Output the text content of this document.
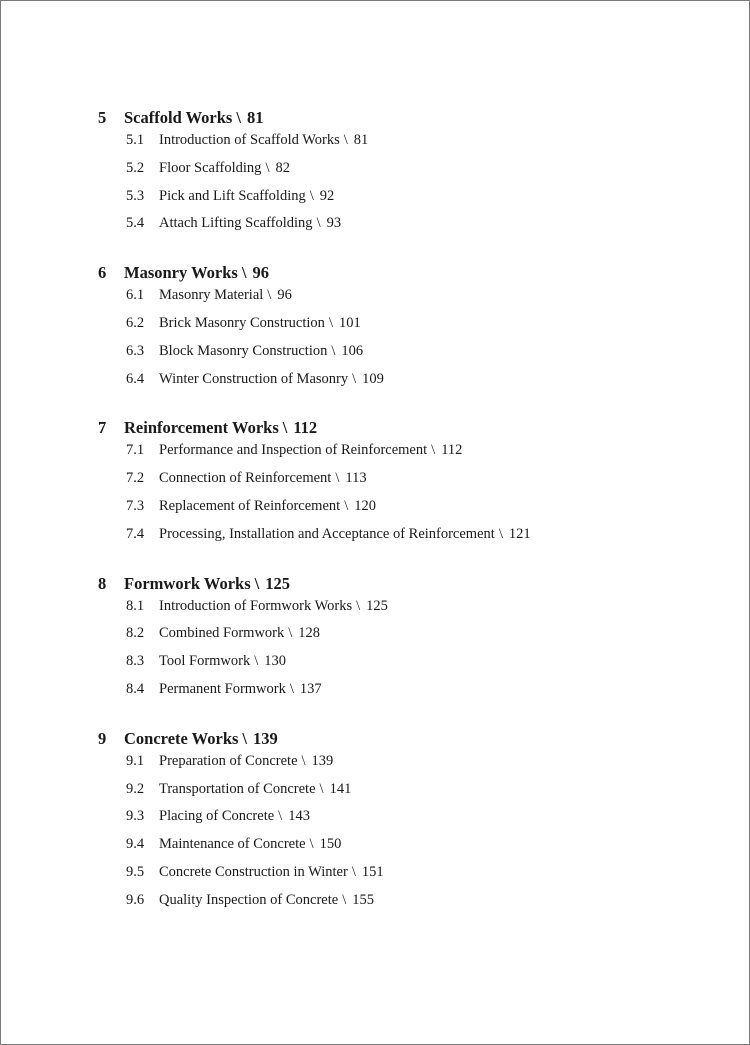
5	Scaffold Works \ 81
5.1	Introduction of Scaffold Works \ 81
5.2	Floor Scaffolding \ 82
5.3	Pick and Lift Scaffolding \ 92
5.4	Attach Lifting Scaffolding \ 93
6	Masonry Works \ 96
6.1	Masonry Material \ 96
6.2	Brick Masonry Construction \ 101
6.3	Block Masonry Construction \ 106
6.4	Winter Construction of Masonry \ 109
7	Reinforcement Works \ 112
7.1	Performance and Inspection of Reinforcement \ 112
7.2	Connection of Reinforcement \ 113
7.3	Replacement of Reinforcement \ 120
7.4	Processing, Installation and Acceptance of Reinforcement \ 121
8	Formwork Works \ 125
8.1	Introduction of Formwork Works \ 125
8.2	Combined Formwork \ 128
8.3	Tool Formwork \ 130
8.4	Permanent Formwork \ 137
9	Concrete Works \ 139
9.1	Preparation of Concrete \ 139
9.2	Transportation of Concrete \ 141
9.3	Placing of Concrete \ 143
9.4	Maintenance of Concrete \ 150
9.5	Concrete Construction in Winter \ 151
9.6	Quality Inspection of Concrete \ 155
